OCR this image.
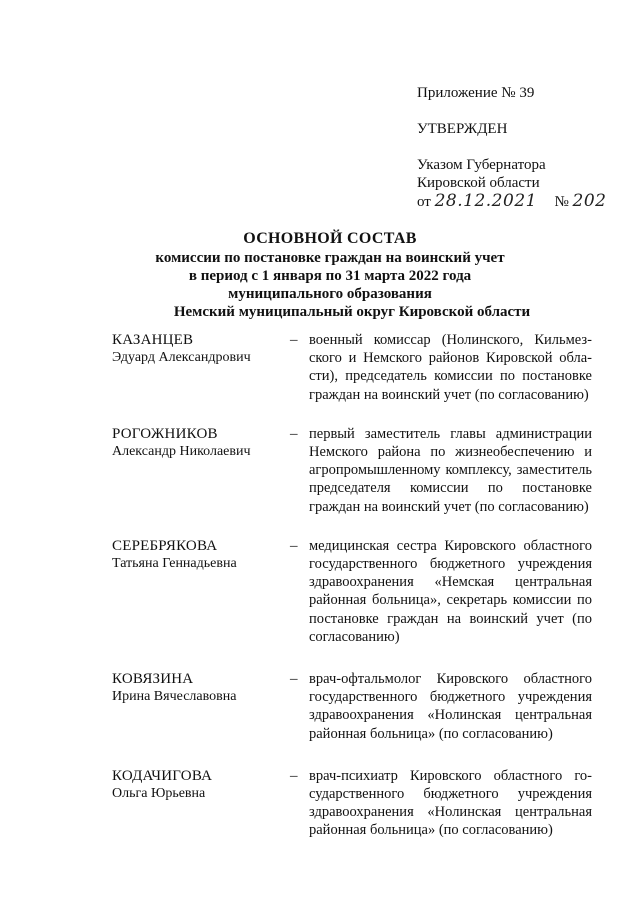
Приложение № 39
УТВЕРЖДЕН
Указом Губернатора
Кировской области
от 28.12.2021 № 202
ОСНОВНОЙ СОСТАВ
комиссии по постановке граждан на воинский учет
в период с 1 января по 31 марта 2022 года
муниципального образования
Немский муниципальный округ Кировской области
КАЗАНЦЕВ
Эдуард Александрович
– военный комиссар (Нолинского, Кильмезского и Немского районов Кировской области), председатель комиссии по постановке граждан на воинский учет (по согласованию)
РОГОЖНИКОВ
Александр Николаевич
– первый заместитель главы администрации Немского района по жизнеобеспечению и агропромышленному комплексу, заместитель председателя комиссии по постановке граждан на воинский учет (по согласованию)
СЕРЕБРЯКОВА
Татьяна Геннадьевна
– медицинская сестра Кировского областного государственного бюджетного учреждения здравоохранения «Немская центральная районная больница», секретарь комиссии по постановке граждан на воинский учет (по согласованию)
КОВЯЗИНА
Ирина Вячеславовна
– врач-офтальмолог Кировского областного государственного бюджетного учреждения здравоохранения «Нолинская центральная районная больница» (по согласованию)
КОДАЧИГОВА
Ольга Юрьевна
– врач-психиатр Кировского областного государственного бюджетного учреждения здравоохранения «Нолинская центральная районная больница» (по согласованию)
